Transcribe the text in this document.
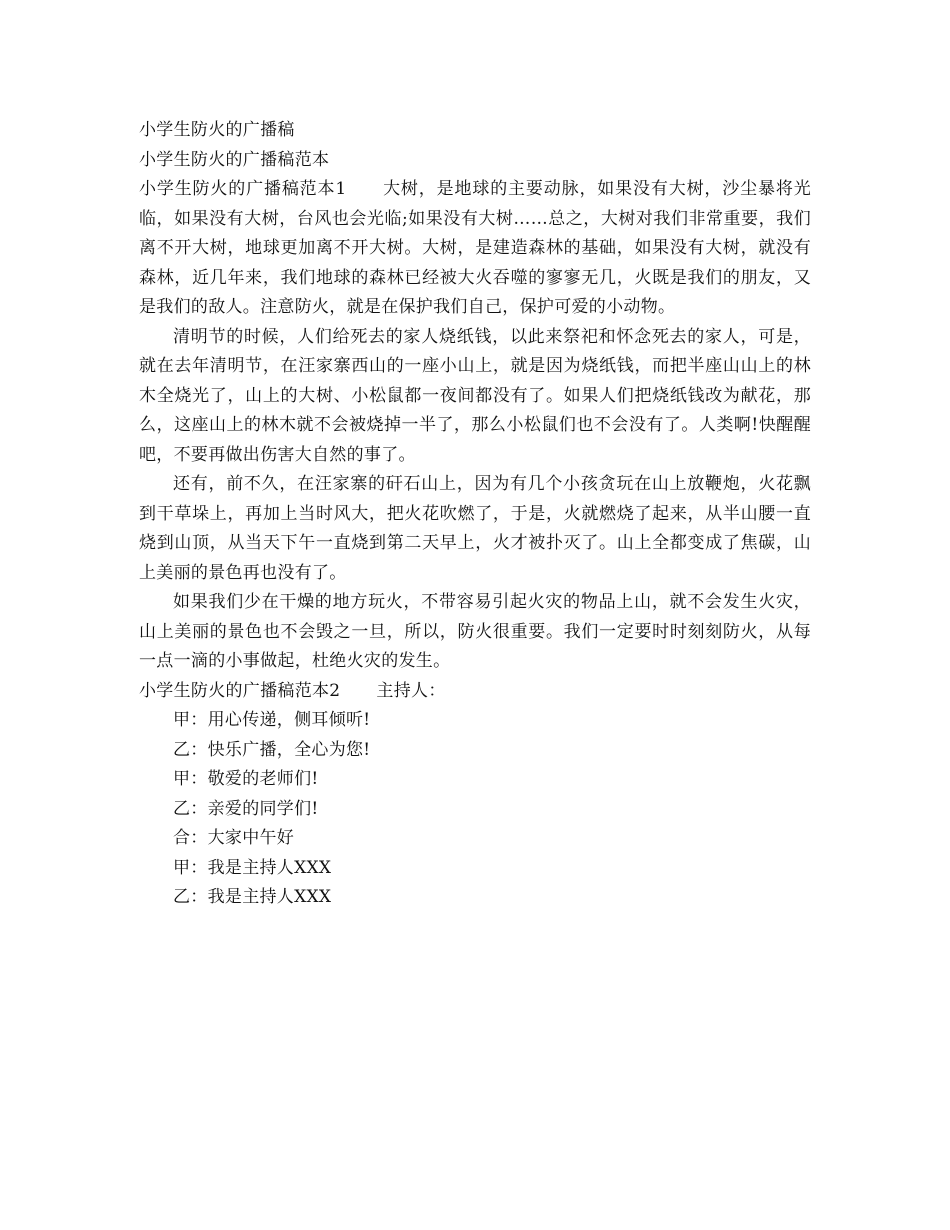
小学生防火的广播稿
小学生防火的广播稿范本
小学生防火的广播稿范本1 大树，是地球的主要动脉，如果没有大树，沙尘暴将光临，如果没有大树，台风也会光临;如果没有大树……总之，大树对我们非常重要，我们离不开大树，地球更加离不开大树。大树，是建造森林的基础，如果没有大树，就没有森林，近几年来，我们地球的森林已经被大火吞噬的寥寥无几，火既是我们的朋友，又是我们的敌人。注意防火，就是在保护我们自己，保护可爱的小动物。
清明节的时候，人们给死去的家人烧纸钱，以此来祭祀和怀念死去的家人，可是，就在去年清明节，在汪家寨西山的一座小山上，就是因为烧纸钱，而把半座山山上的林木全烧光了，山上的大树、小松鼠都一夜间都没有了。如果人们把烧纸钱改为献花，那么，这座山上的林木就不会被烧掉一半了，那么小松鼠们也不会没有了。人类啊!快醒醒吧，不要再做出伤害大自然的事了。
还有，前不久，在汪家寨的矸石山上，因为有几个小孩贪玩在山上放鞭炮，火花飘到干草垛上，再加上当时风大，把火花吹燃了，于是，火就燃烧了起来，从半山腰一直烧到山顶，从当天下午一直烧到第二天早上，火才被扑灭了。山上全都变成了焦碳，山上美丽的景色再也没有了。
如果我们少在干燥的地方玩火，不带容易引起火灾的物品上山，就不会发生火灾，山上美丽的景色也不会毁之一旦，所以，防火很重要。我们一定要时时刻刻防火，从每一点一滴的小事做起，杜绝火灾的发生。
小学生防火的广播稿范本2 主持人：
甲：用心传递，侧耳倾听!
乙：快乐广播，全心为您!
甲：敬爱的老师们!
乙：亲爱的同学们!
合：大家中午好
甲：我是主持人XXX
乙：我是主持人XXX
